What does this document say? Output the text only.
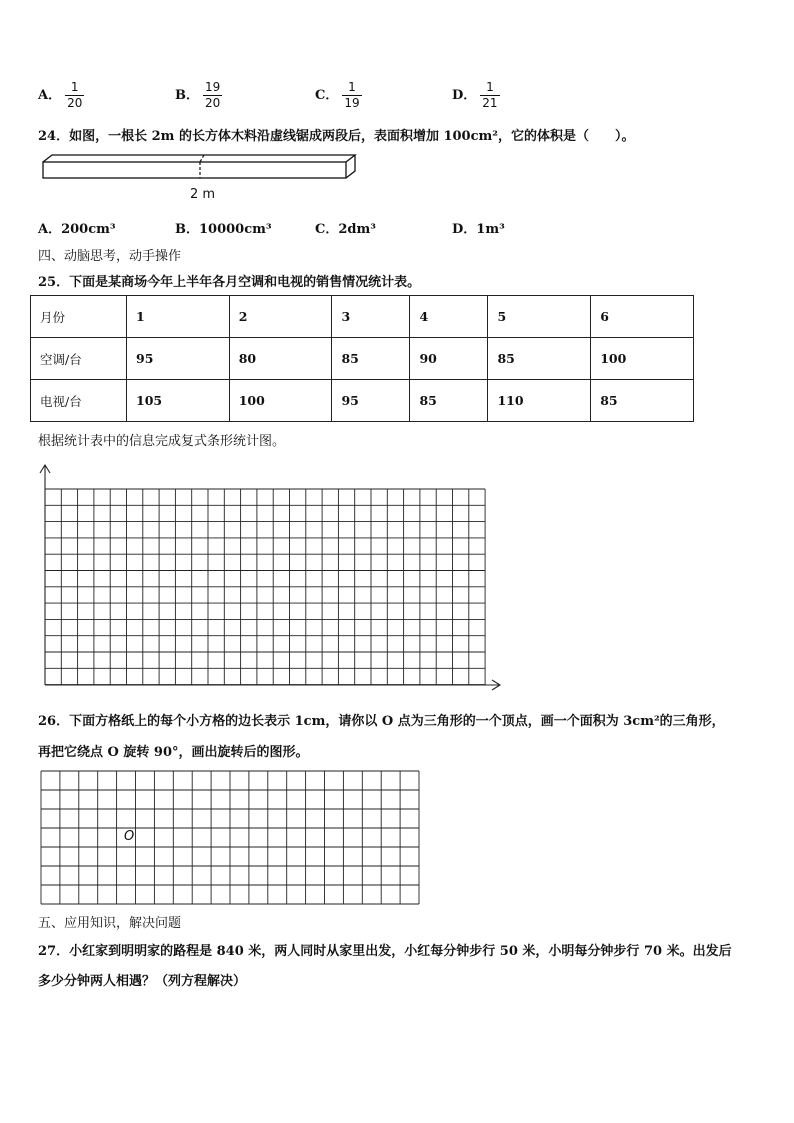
A． $\frac{1}{20}$	B． $\frac{19}{20}$	C． $\frac{1}{19}$	D． $\frac{1}{21}$
24．如图，一根长 2m 的长方体木料沿虚线锯成两段后，表面积增加 100cm²，它的体积是（　　）。
2 m
A．200cm³	B．10000cm³	C．2dm³	D．1m³
四、动脑思考，动手操作
25．下面是某商场今年上半年各月空调和电视的销售情况统计表。
月份	1	2	3	4	5	6
空调/台	95	80	85	90	85	100
电视/台	105	100	95	85	110	85
根据统计表中的信息完成复式条形统计图。
26．下面方格纸上的每个小方格的边长表示 1cm，请你以 O 点为三角形的一个顶点，画一个面积为 3cm²的三角形，
再把它绕点 O 旋转 90°，画出旋转后的图形。
O
五、应用知识，解决问题
27．小红家到明明家的路程是 840 米，两人同时从家里出发，小红每分钟步行 50 米，小明每分钟步行 70 米。出发后
多少分钟两人相遇？（列方程解决）
